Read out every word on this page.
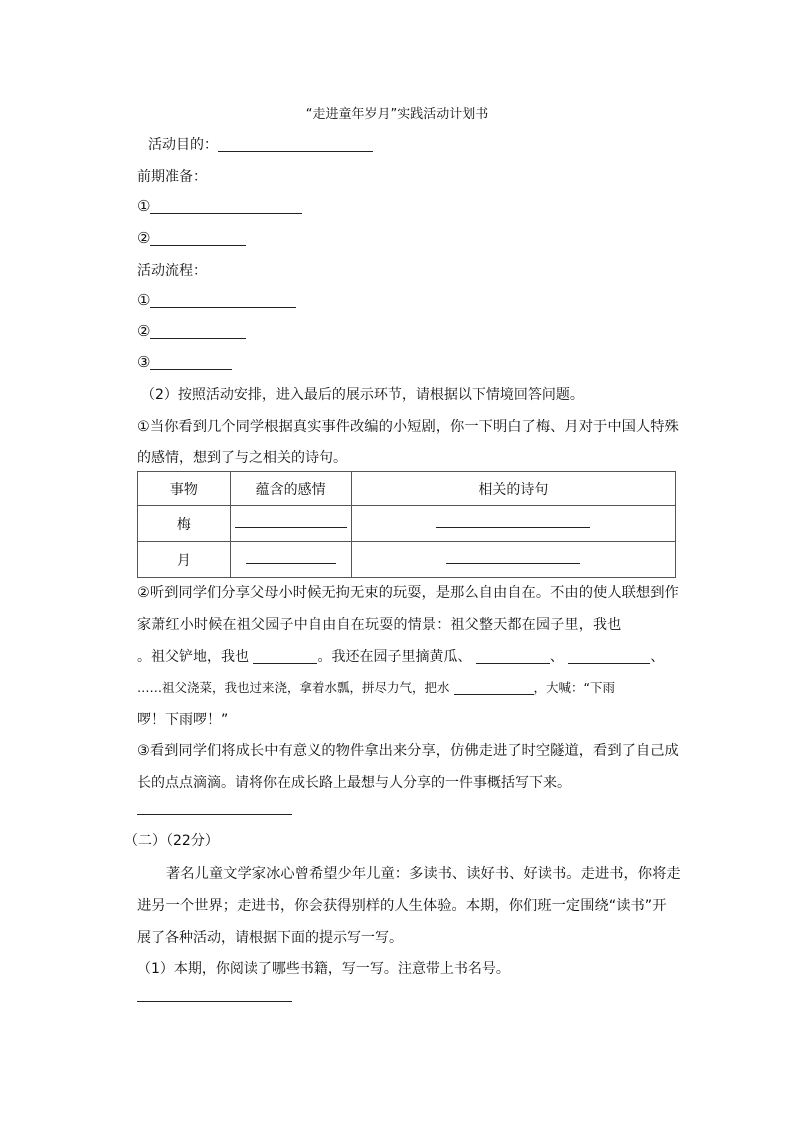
“走进童年岁月”实践活动计划书
活动目的：
前期准备：
①
②
活动流程：
①
②
③
（2）按照活动安排，进入最后的展示环节，请根据以下情境回答问题。
①当你看到几个同学根据真实事件改编的小短剧，你一下明白了梅、月对于中国人特殊
的感情，想到了与之相关的诗句。
事物	蕴含的感情	相关的诗句
梅		
月		
②听到同学们分享父母小时候无拘无束的玩耍，是那么自由自在。不由的使人联想到作
家萧红小时候在祖父园子中自由自在玩耍的情景：祖父整天都在园子里，我也
。祖父铲地，我也	。我还在园子里摘黄瓜、	、	、
……祖父浇菜，我也过来浇，拿着水瓢，拼尽力气，把水	，大喊：“下雨
啰！下雨啰！”
③看到同学们将成长中有意义的物件拿出来分享，仿佛走进了时空隧道，看到了自己成
长的点点滴滴。请将你在成长路上最想与人分享的一件事概括写下来。
（二）（22分）
著名儿童文学家冰心曾希望少年儿童：多读书、读好书、好读书。走进书，你将走
进另一个世界；走进书，你会获得别样的人生体验。本期，你们班一定围绕“读书”开
展了各种活动，请根据下面的提示写一写。
（1）本期，你阅读了哪些书籍，写一写。注意带上书名号。
